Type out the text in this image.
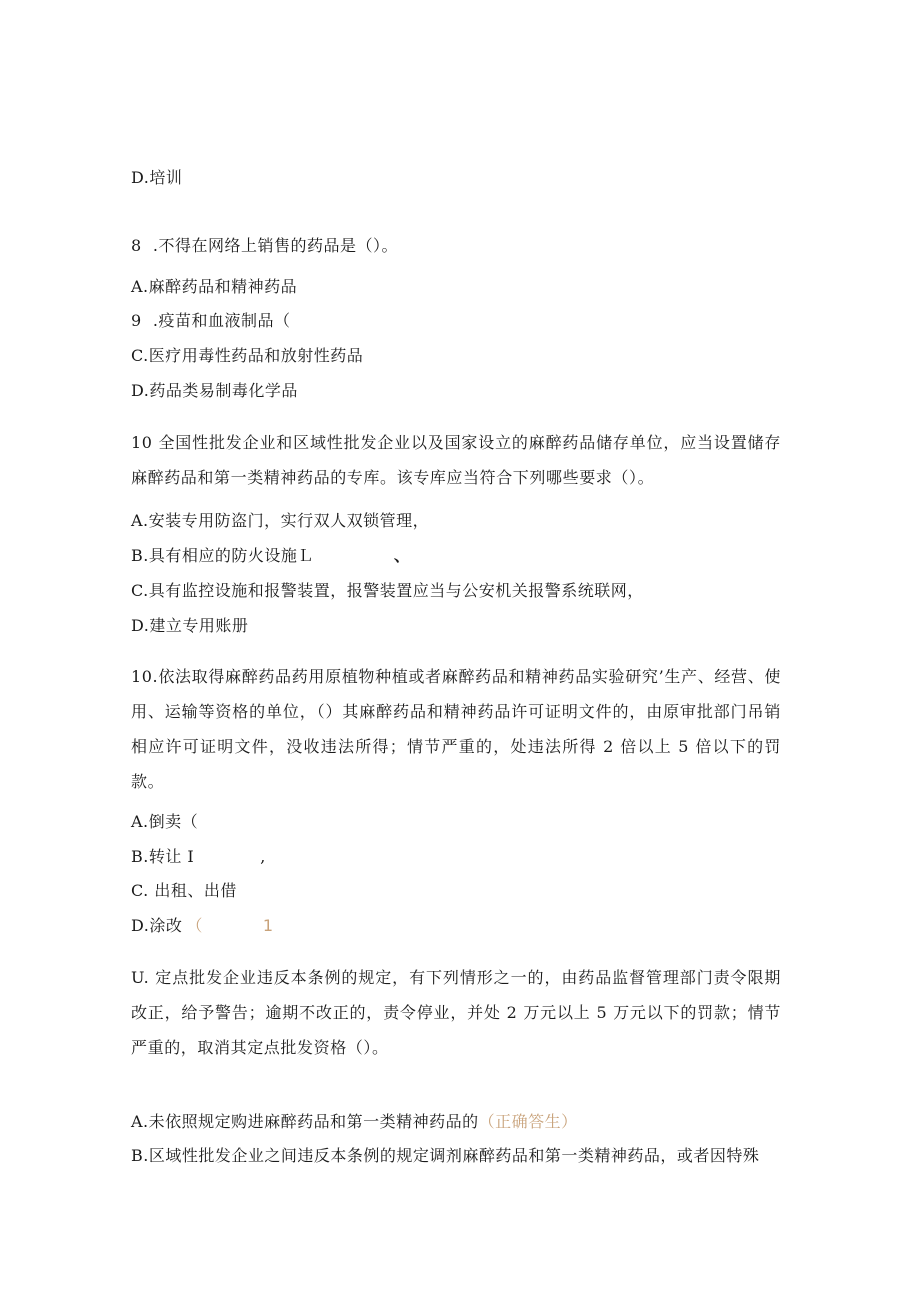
D.培训
8  .不得在网络上销售的药品是（）。
A.麻醉药品和精神药品
9  .疫苗和血液制品（
C.医疗用毒性药品和放射性药品
D.药品类易制毒化学品
10 全国性批发企业和区域性批发企业以及国家设立的麻醉药品储存单位，应当设置储存麻醉药品和第一类精神药品的专库。该专库应当符合下列哪些要求（）。
A.安装专用防盗门，实行双人双锁管理，
B.具有相应的防火设施Ｌ	、
C.具有监控设施和报警装置，报警装置应当与公安机关报警系统联网，
D.建立专用账册
10.依法取得麻醉药品药用原植物种植或者麻醉药品和精神药品实验研究’生产、经营、使用、运输等资格的单位，（）其麻醉药品和精神药品许可证明文件的，由原审批部门吊销相应许可证明文件，没收违法所得；情节严重的，处违法所得 2 倍以上 5 倍以下的罚款。
A.倒卖（
B.转让 I	,
C. 出租、出借
D.涂改 （	1
U. 定点批发企业违反本条例的规定，有下列情形之一的，由药品监督管理部门责令限期改正，给予警告；逾期不改正的，责令停业，并处 2 万元以上 5 万元以下的罚款；情节严重的，取消其定点批发资格（）。
A.未依照规定购进麻醉药品和第一类精神药品的（正确答生）
B.区域性批发企业之间违反本条例的规定调剂麻醉药品和第一类精神药品，或者因特殊
